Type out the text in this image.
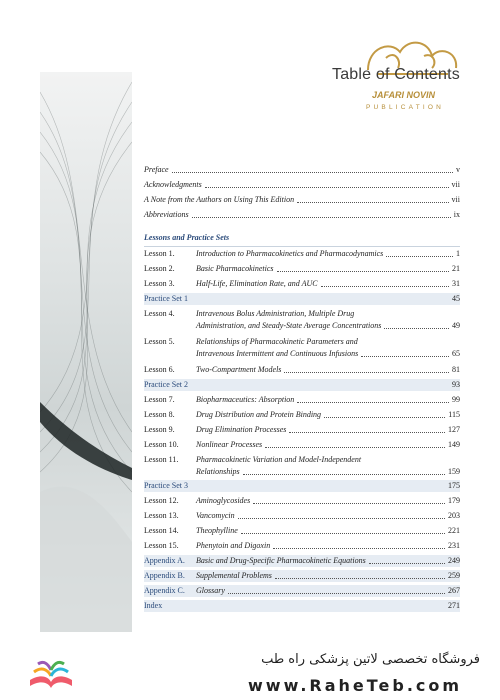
Table of Contents
JAFARI NOVIN
PUBLICATION
Preface	v
Acknowledgments	vii
A Note from the Authors on Using This Edition	vii
Abbreviations	ix
Lessons and Practice Sets
Lesson 1.	Introduction to Pharmacokinetics and Pharmacodynamics	1
Lesson 2.	Basic Pharmacokinetics	21
Lesson 3.	Half-Life, Elimination Rate, and AUC	31
Practice Set 1	45
Lesson 4.	Intravenous Bolus Administration, Multiple Drug
Administration, and Steady-State Average Concentrations	49
Lesson 5.	Relationships of Pharmacokinetic Parameters and
Intravenous Intermittent and Continuous Infusions	65
Lesson 6.	Two-Compartment Models	81
Practice Set 2	93
Lesson 7.	Biopharmaceutics: Absorption	99
Lesson 8.	Drug Distribution and Protein Binding	115
Lesson 9.	Drug Elimination Processes	127
Lesson 10.	Nonlinear Processes	149
Lesson 11.	Pharmacokinetic Variation and Model-Independent
Relationships	159
Practice Set 3	175
Lesson 12.	Aminoglycosides	179
Lesson 13.	Vancomycin	203
Lesson 14.	Theophylline	221
Lesson 15.	Phenytoin and Digoxin	231
Appendix A.	Basic and Drug-Specific Pharmacokinetic Equations	249
Appendix B.	Supplemental Problems	259
Appendix C.	Glossary	267
Index	271
فروشگاه تخصصی لاتین پزشکی راه طب
www.RaheTeb.com
